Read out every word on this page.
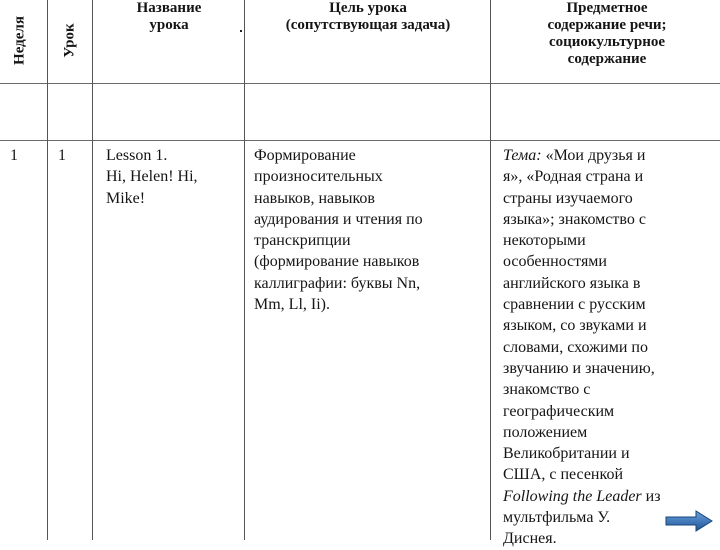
Неделя Урок
Название
урока
Цель урока
(сопутствующая задача)
Предметное
содержание речи;
социокультурное
содержание
1	1	Lesson 1.
Hi, Helen! Hi,
Mike!
Формирование
произносительных
навыков, навыков
аудирования и чтения по
транскрипции
(формирование навыков
каллиграфии: буквы Nn,
Mm, Ll, Ii).
Тема: «Мои друзья и
я», «Родная страна и
страны изучаемого
языка»; знакомство с
некоторыми
особенностями
английского языка в
сравнении с русским
языком, со звуками и
словами, схожими по
звучанию и значению,
знакомство с
географическим
положением
Великобритании и
США, с песенкой
Following the Leader из
мультфильма У.
Диснея.
